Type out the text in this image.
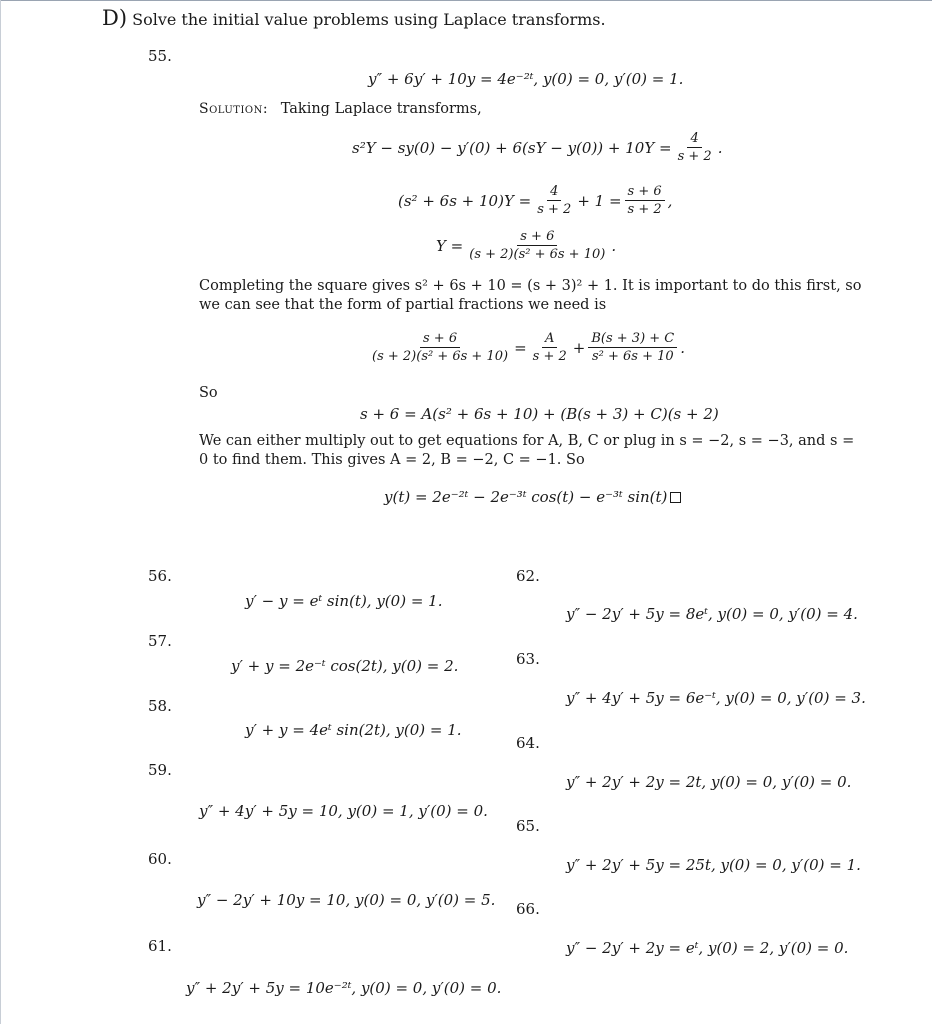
D) Solve the initial value problems using Laplace transforms.
55.
y″ + 6y′ + 10y = 4e⁻²ᵗ, y(0) = 0, y′(0) = 1.
Solution: Taking Laplace transforms,
$s^2Y - sy(0) - y'(0) + 6(sY - y(0)) + 10Y = \frac{4}{s + 2}$ .
$(s^2 + 6s + 10)Y = \frac{4}{s + 2} + 1 = \frac{s + 6}{s + 2}$ ,
$Y = \frac{s + 6}{\text{(s + 2)(s² + 6s + 10)}}$ .
Completing the square gives s² + 6s + 10 = (s + 3)² + 1. It is important to do this first, so we can see that the form of partial fractions we need is
$\frac{s + 6}{\text{(s + 2)(s² + 6s + 10)}} = \frac{A}{s + 2} + \frac{B(s + 3) + C}{\text{s² + 6s + 10}}$ .
So
s + 6 = A(s² + 6s + 10) + (B(s + 3) + C)(s + 2)
We can either multiply out to get equations for A, B, C or plug in s = −2, s = −3, and s = 0 to find them. This gives A = 2, B = −2, C = −1. So
y(t) = 2e⁻²ᵗ − 2e⁻³ᵗ cos(t) − e⁻³ᵗ sin(t)
56.
y′ − y = eᵗ sin(t), y(0) = 1.
57.
y′ + y = 2e⁻ᵗ cos(2t), y(0) = 2.
58.
y′ + y = 4eᵗ sin(2t), y(0) = 1.
59.
y″ + 4y′ + 5y = 10, y(0) = 1, y′(0) = 0.
60.
y″ − 2y′ + 10y = 10, y(0) = 0, y′(0) = 5.
61.
y″ + 2y′ + 5y = 10e⁻²ᵗ, y(0) = 0, y′(0) = 0.
62.
y″ − 2y′ + 5y = 8eᵗ, y(0) = 0, y′(0) = 4.
63.
y″ + 4y′ + 5y = 6e⁻ᵗ, y(0) = 0, y′(0) = 3.
64.
y″ + 2y′ + 2y = 2t, y(0) = 0, y′(0) = 0.
65.
y″ + 2y′ + 5y = 25t, y(0) = 0, y′(0) = 1.
66.
y″ − 2y′ + 2y = eᵗ, y(0) = 2, y′(0) = 0.
